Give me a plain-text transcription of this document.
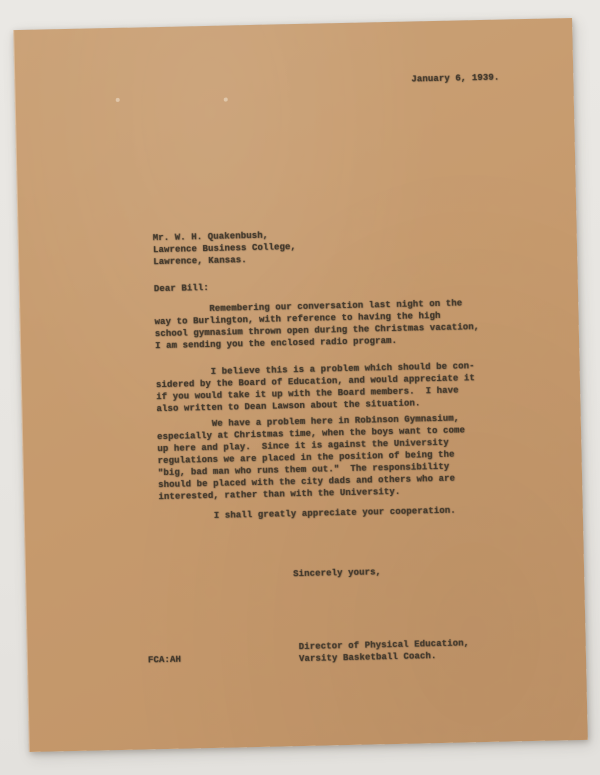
January 6, 1939.
Mr. W. H. Quakenbush,
Lawrence Business College,
Lawrence, Kansas.
Dear Bill:
Remembering our conversation last night on the
way to Burlington, with reference to having the high
school gymnasium thrown open during the Christmas vacation,
I am sending you the enclosed radio program.
I believe this is a problem which should be con-
sidered by the Board of Education, and would appreciate it
if you would take it up with the Board members.  I have
also written to Dean Lawson about the situation.
We have a problem here in Robinson Gymnasium,
especially at Christmas time, when the boys want to come
up here and play.  Since it is against the University
regulations we are placed in the position of being the
"big, bad man who runs them out."  The responsibility
should be placed with the city dads and others who are
interested, rather than with the University.
I shall greatly appreciate your cooperation.
Sincerely yours,
Director of Physical Education,
Varsity Basketball Coach.
FCA:AH
